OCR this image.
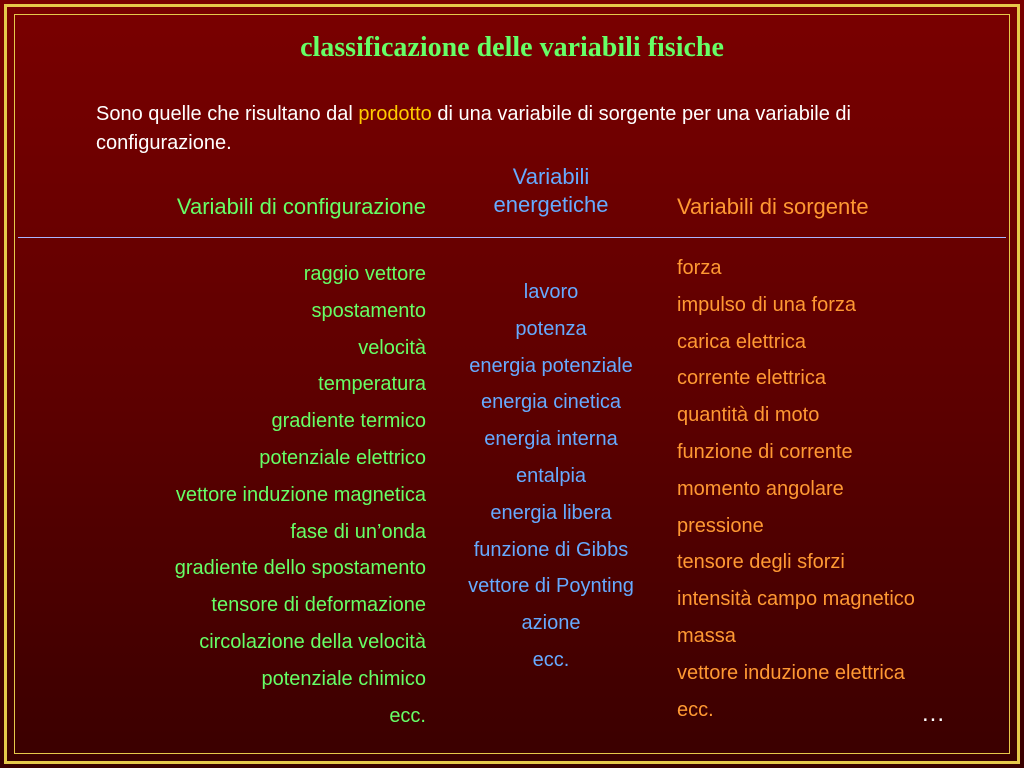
classificazione delle variabili fisiche
Sono quelle che risultano dal prodotto di una variabile di sorgente per una variabile di configurazione.
Variabili di configurazione
Variabili
energetiche	Variabili di sorgente
raggio vettore
spostamento
velocità
temperatura
gradiente termico
potenziale elettrico
vettore induzione magnetica
fase di un’onda
gradiente dello spostamento
tensore di deformazione
circolazione della velocità
potenziale chimico
ecc.
lavoro
potenza
energia potenziale
energia cinetica
energia interna
entalpia
energia libera
funzione di Gibbs
vettore di Poynting
azione
ecc.
forza
impulso di una forza
carica elettrica
corrente elettrica
quantità di moto
funzione di corrente
momento angolare
pressione
tensore degli sforzi
intensità campo magnetico
massa
vettore induzione elettrica
ecc.	...
